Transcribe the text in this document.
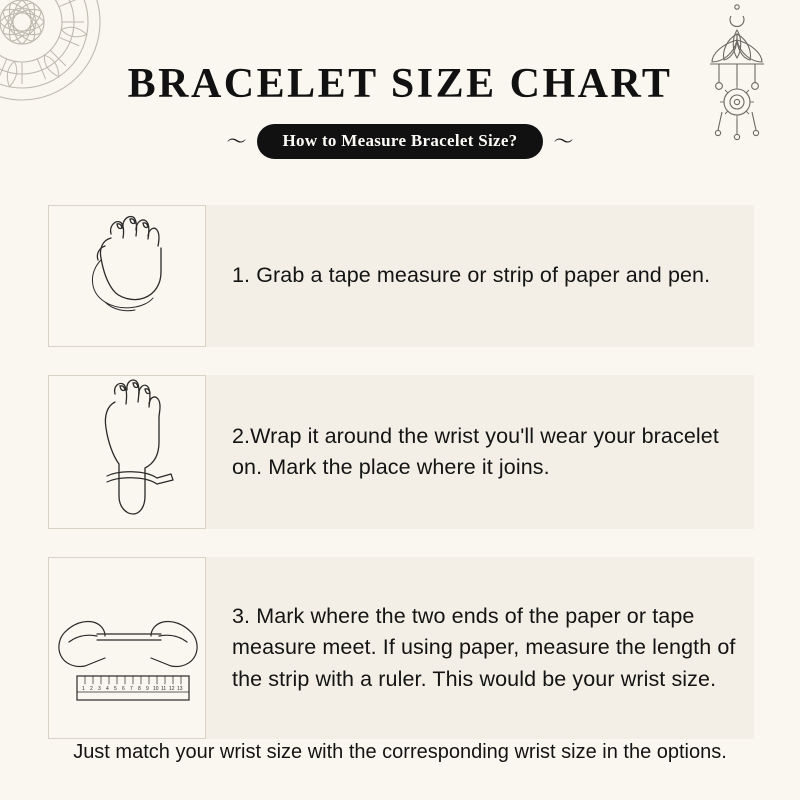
BRACELET SIZE CHART
〜	How to Measure Bracelet Size?	〜
1. Grab a tape measure or strip of paper and pen.
2.Wrap it around the wrist you'll wear your bracelet on. Mark the place where it joins.
1 2 3 4 5 6 7 8 9 10 11 12 13
3. Mark where the two ends of the paper or tape measure meet. If using paper, measure the length of the strip with a ruler. This would be your wrist size.
Just match your wrist size with the corresponding wrist size in the options.
